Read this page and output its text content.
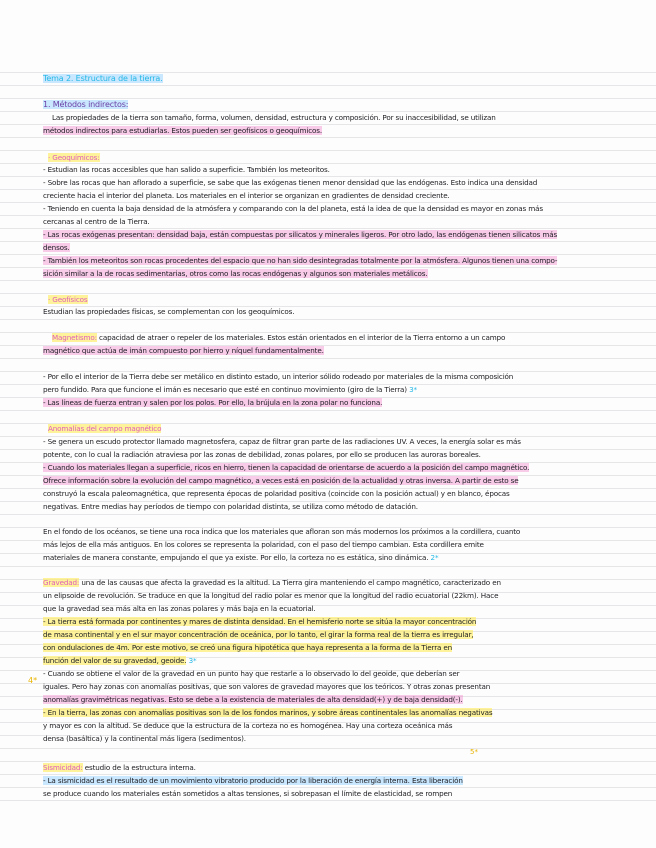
Tema 2. Estructura de la tierra.
1. Métodos indirectos:
Las propiedades de la tierra son tamaño, forma, volumen, densidad, estructura y composición. Por su inaccesibilidad, se utilizan
métodos indirectos para estudiarlas. Estos pueden ser geofísicos o geoquímicos.
· Geoquímicos:
- Estudian las rocas accesibles que han salido a superficie. También los meteoritos.
- Sobre las rocas que han aflorado a superficie, se sabe que las exógenas tienen menor densidad que las endógenas. Esto indica una densidad
creciente hacia el interior del planeta. Los materiales en el interior se organizan en gradientes de densidad creciente.
- Teniendo en cuenta la baja densidad de la atmósfera y comparando con la del planeta, está la idea de que la densidad es mayor en zonas más
cercanas al centro de la Tierra.
- Las rocas exógenas presentan: densidad baja, están compuestas por silicatos y minerales ligeros. Por otro lado, las endógenas tienen silicatos más
densos.
- También los meteoritos son rocas procedentes del espacio que no han sido desintegradas totalmente por la atmósfera. Algunos tienen una compo-
sición similar a la de rocas sedimentarias, otros como las rocas endógenas y algunos son materiales metálicos.
· Geofísicos
Estudian las propiedades físicas, se complementan con los geoquímicos.
Magnetismo: capacidad de atraer o repeler de los materiales. Estos están orientados en el interior de la Tierra entorno a un campo
magnético que actúa de imán compuesto por hierro y níquel fundamentalmente.
- Por ello el interior de la Tierra debe ser metálico en distinto estado, un interior sólido rodeado por materiales de la misma composición
pero fundido. Para que funcione el imán es necesario que esté en continuo movimiento (giro de la Tierra) 3*
- Las líneas de fuerza entran y salen por los polos. Por ello, la brújula en la zona polar no funciona.
Anomalías del campo magnético
- Se genera un escudo protector llamado magnetosfera, capaz de filtrar gran parte de las radiaciones UV. A veces, la energía solar es más
potente, con lo cual la radiación atraviesa por las zonas de debilidad, zonas polares, por ello se producen las auroras boreales.
- Cuando los materiales llegan a superficie, ricos en hierro, tienen la capacidad de orientarse de acuerdo a la posición del campo magnético.
Ofrece información sobre la evolución del campo magnético, a veces está en posición de la actualidad y otras inversa. A partir de esto se
construyó la escala paleomagnética, que representa épocas de polaridad positiva (coincide con la posición actual) y en blanco, épocas
negativas. Entre medias hay períodos de tiempo con polaridad distinta, se utiliza como método de datación.
En el fondo de los océanos, se tiene una roca indica que los materiales que afloran son más modernos los próximos a la cordillera, cuanto
más lejos de ella más antiguos. En los colores se representa la polaridad, con el paso del tiempo cambian. Esta cordillera emite
materiales de manera constante, empujando el que ya existe. Por ello, la corteza no es estática, sino dinámica. 2*
Gravedad: una de las causas que afecta la gravedad es la altitud. La Tierra gira manteniendo el campo magnético, caracterizado en
un elipsoide de revolución. Se traduce en que la longitud del radio polar es menor que la longitud del radio ecuatorial (22km). Hace
que la gravedad sea más alta en las zonas polares y más baja en la ecuatorial.
- La tierra está formada por continentes y mares de distinta densidad. En el hemisferio norte se sitúa la mayor concentración
de masa continental y en el sur mayor concentración de oceánica, por lo tanto, el girar la forma real de la tierra es irregular,
con ondulaciones de 4m. Por este motivo, se creó una figura hipotética que haya representa a la forma de la Tierra en
función del valor de su gravedad, geoide. 3*
4*
- Cuando se obtiene el valor de la gravedad en un punto hay que restarle a lo observado lo del geoide, que deberían ser
iguales. Pero hay zonas con anomalías positivas, que son valores de gravedad mayores que los teóricos. Y otras zonas presentan
anomalías gravimétricas negativas. Esto se debe a la existencia de materiales de alta densidad(+) y de baja densidad(-).
- En la tierra, las zonas con anomalías positivas son la de los fondos marinos, y sobre áreas continentales las anomalías negativas
y mayor es con la altitud. Se deduce que la estructura de la corteza no es homogénea. Hay una corteza oceánica más
densa (basáltica) y la continental más ligera (sedimentos).
5*
Sismicidad: estudio de la estructura interna.
- La sismicidad es el resultado de un movimiento vibratorio producido por la liberación de energía interna. Esta liberación
se produce cuando los materiales están sometidos a altas tensiones, si sobrepasan el límite de elasticidad, se rompen
